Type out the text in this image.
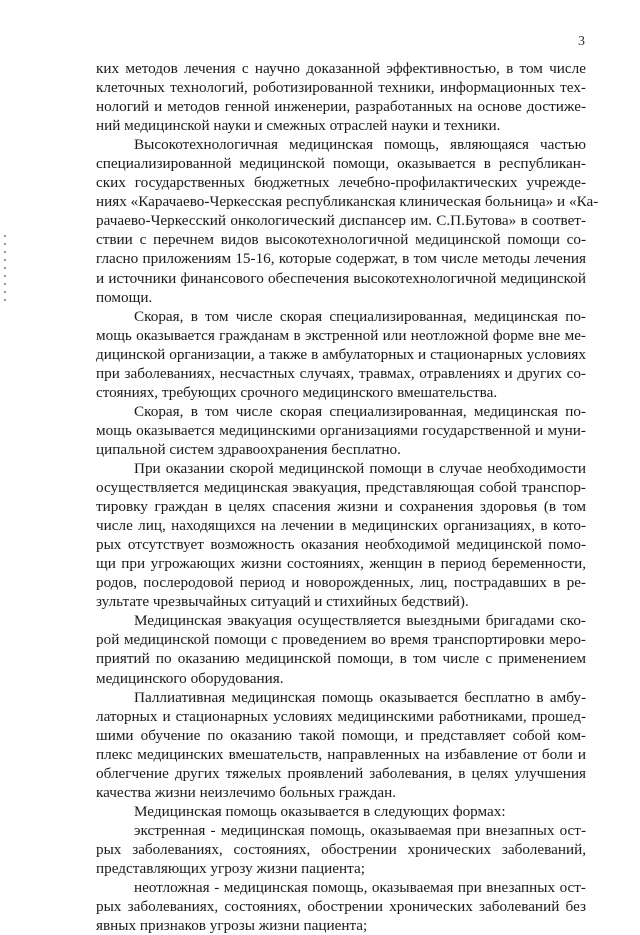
3
ких методов лечения с научно доказанной эффективностью, в том числе
клеточных технологий, роботизированной техники, информационных тех-
нологий и методов генной инженерии, разработанных на основе достиже-
ний медицинской науки и смежных отраслей науки и техники.
Высокотехнологичная медицинская помощь, являющаяся частью
специализированной медицинской помощи, оказывается в республикан-
ских государственных бюджетных лечебно-профилактических учрежде-
ниях «Карачаево-Черкесская республиканская клиническая больница» и «Ка-
рачаево-Черкесский онкологический диспансер им. С.П.Бутова» в соответ-
ствии с перечнем видов высокотехнологичной медицинской помощи со-
гласно приложениям 15-16, которые содержат, в том числе методы лечения
и источники финансового обеспечения высокотехнологичной медицинской
помощи.
Скорая, в том числе скорая специализированная, медицинская по-
мощь оказывается гражданам в экстренной или неотложной форме вне ме-
дицинской организации, а также в амбулаторных и стационарных условиях
при заболеваниях, несчастных случаях, травмах, отравлениях и других со-
стояниях, требующих срочного медицинского вмешательства.
Скорая, в том числе скорая специализированная, медицинская по-
мощь оказывается медицинскими организациями государственной и муни-
ципальной систем здравоохранения бесплатно.
При оказании скорой медицинской помощи в случае необходимости
осуществляется медицинская эвакуация, представляющая собой транспор-
тировку граждан в целях спасения жизни и сохранения здоровья (в том
числе лиц, находящихся на лечении в медицинских организациях, в кото-
рых отсутствует возможность оказания необходимой медицинской помо-
щи при угрожающих жизни состояниях, женщин в период беременности,
родов, послеродовой период и новорожденных, лиц, пострадавших в ре-
зультате чрезвычайных ситуаций и стихийных бедствий).
Медицинская эвакуация осуществляется выездными бригадами ско-
рой медицинской помощи с проведением во время транспортировки меро-
приятий по оказанию медицинской помощи, в том числе с применением
медицинского оборудования.
Паллиативная медицинская помощь оказывается бесплатно в амбу-
латорных и стационарных условиях медицинскими работниками, прошед-
шими обучение по оказанию такой помощи, и представляет собой ком-
плекс медицинских вмешательств, направленных на избавление от боли и
облегчение других тяжелых проявлений заболевания, в целях улучшения
качества жизни неизлечимо больных граждан.
Медицинская помощь оказывается в следующих формах:
экстренная - медицинская помощь, оказываемая при внезапных ост-
рых заболеваниях, состояниях, обострении хронических заболеваний,
представляющих угрозу жизни пациента;
неотложная - медицинская помощь, оказываемая при внезапных ост-
рых заболеваниях, состояниях, обострении хронических заболеваний без
явных признаков угрозы жизни пациента;
